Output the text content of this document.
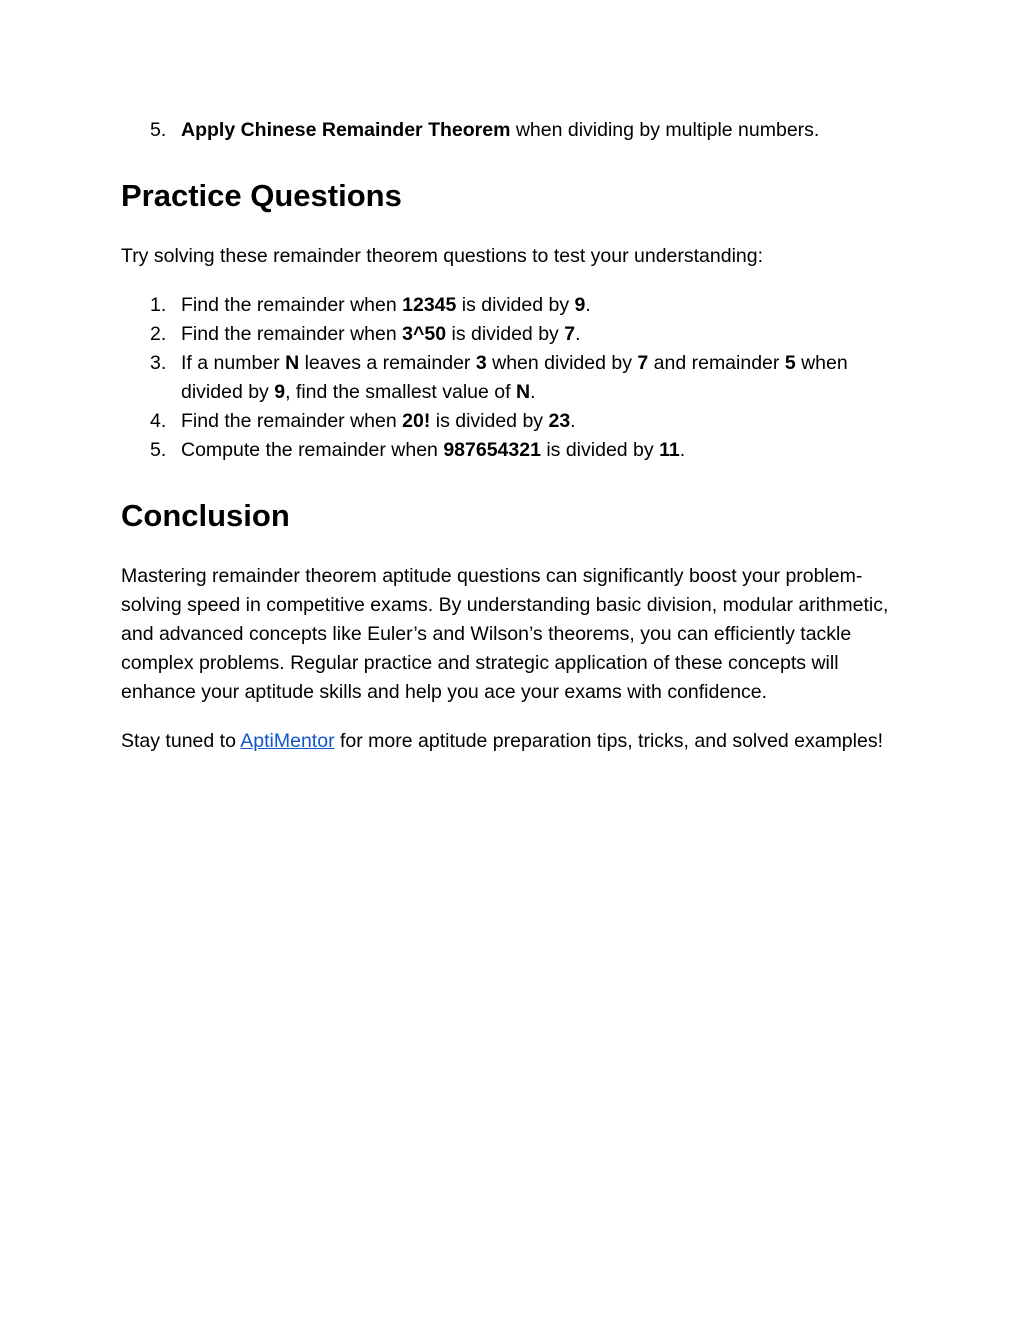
5. Apply Chinese Remainder Theorem when dividing by multiple numbers.
Practice Questions

Try solving these remainder theorem questions to test your understanding:

1. Find the remainder when 12345 is divided by 9.
2. Find the remainder when 3^50 is divided by 7.
3. If a number N leaves a remainder 3 when divided by 7 and remainder 5 when divided by 9, find the smallest value of N.
4. Find the remainder when 20! is divided by 23.
5. Compute the remainder when 987654321 is divided by 11.
Conclusion

Mastering remainder theorem aptitude questions can significantly boost your problem-solving speed in competitive exams. By understanding basic division, modular arithmetic, and advanced concepts like Euler’s and Wilson’s theorems, you can efficiently tackle complex problems. Regular practice and strategic application of these concepts will enhance your aptitude skills and help you ace your exams with confidence.

Stay tuned to AptiMentor for more aptitude preparation tips, tricks, and solved examples!
